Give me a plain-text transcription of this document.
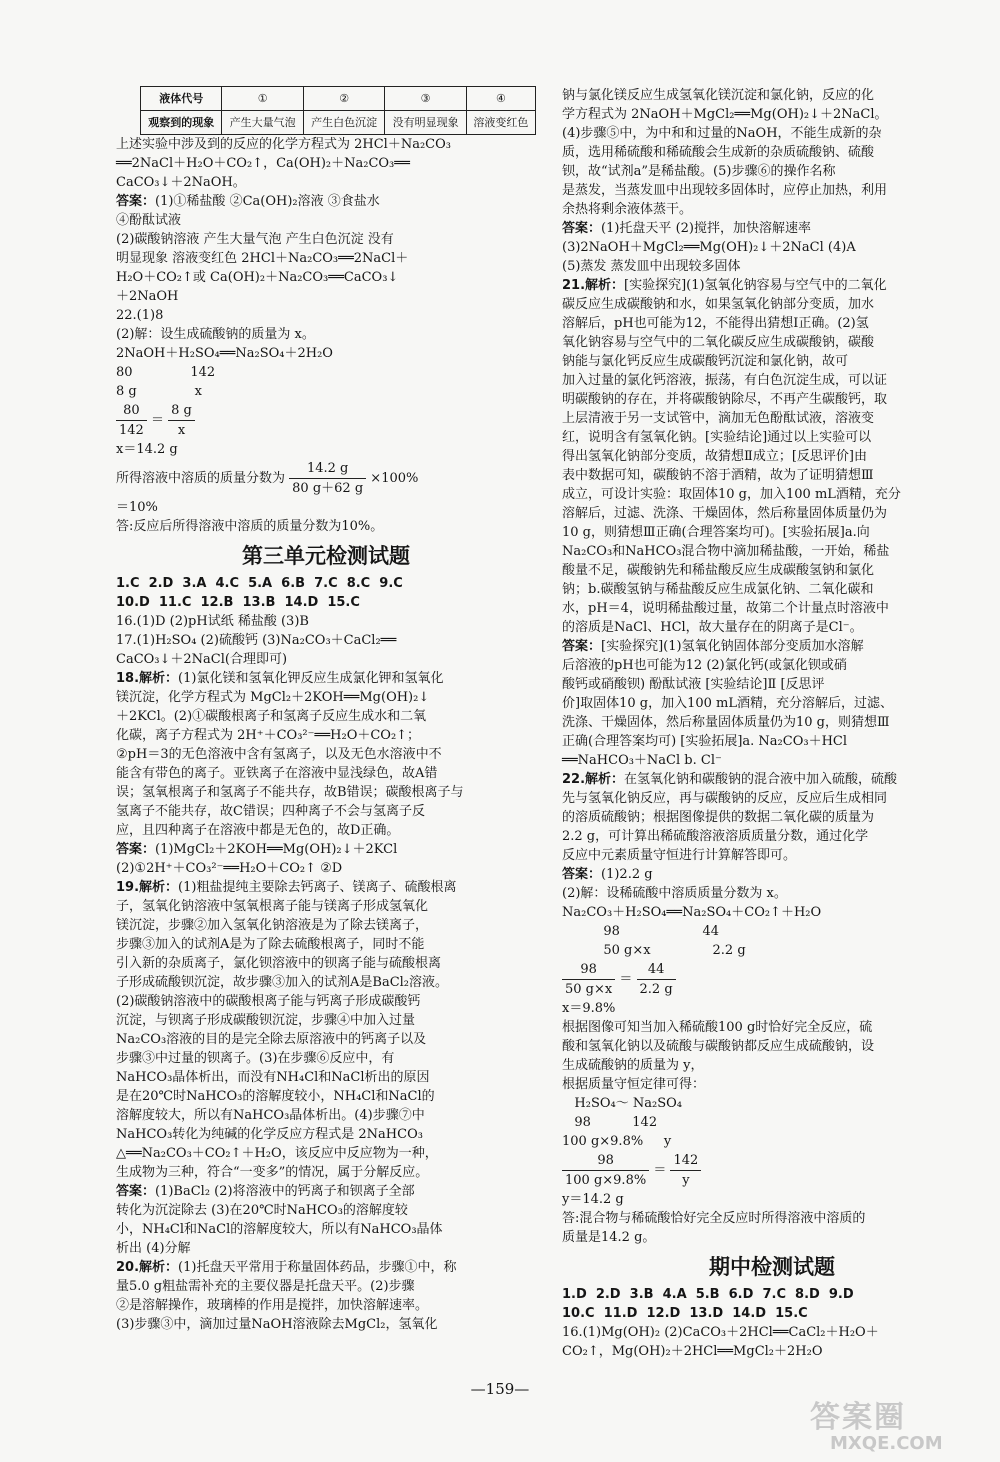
液体代号	①	②	③	④
观察到的现象	产生大量气泡	产生白色沉淀	没有明显现象	溶液变红色

上述实验中涉及到的反应的化学方程式为 2HCl＋Na₂CO₃
══2NaCl＋H₂O＋CO₂↑，Ca(OH)₂＋Na₂CO₃══
CaCO₃↓＋2NaOH。

答案：(1)①稀盐酸 ②Ca(OH)₂溶液 ③食盐水
④酚酞试液
(2)碳酸钠溶液 产生大量气泡 产生白色沉淀 没有
明显现象 溶液变红色 2HCl＋Na₂CO₃══2NaCl＋
H₂O＋CO₂↑或 Ca(OH)₂＋Na₂CO₃══CaCO₃↓
＋2NaOH

22.(1)8
(2)解：设生成硫酸钠的质量为 x。
2NaOH＋H₂SO₄══Na₂SO₄＋2H₂O
80              142
8 g              x

$\frac{80}{142} = \frac{8 g}{x}$

x＝14.2 g

所得溶液中溶质的质量分数为 $\frac{14.2 g}{80 g+62 g} \times 100\%$

＝10%

答:反应后所得溶液中溶质的质量分数为10%。

第三单元检测试题

1.C  2.D  3.A  4.C  5.A  6.B  7.C  8.C  9.C

10.D  11.C  12.B  13.B  14.D  15.C

16.(1)D (2)pH试纸 稀盐酸 (3)B

17.(1)H₂SO₄ (2)硫酸钙 (3)Na₂CO₃＋CaCl₂══
CaCO₃↓＋2NaCl(合理即可)

18.解析：(1)氯化镁和氢氧化钾反应生成氯化钾和氢氧化
镁沉淀，化学方程式为 MgCl₂＋2KOH══Mg(OH)₂↓
＋2KCl。(2)①碳酸根离子和氢离子反应生成水和二氧
化碳，离子方程式为 2H⁺＋CO₃²⁻══H₂O＋CO₂↑；
②pH＝3的无色溶液中含有氢离子，以及无色水溶液中不
能含有带色的离子。亚铁离子在溶液中显浅绿色，故A错
误；氢氧根离子和氢离子不能共存，故B错误；碳酸根离子与
氢离子不能共存，故C错误；四种离子不会与氢离子反
应，且四种离子在溶液中都是无色的，故D正确。

答案：(1)MgCl₂＋2KOH══Mg(OH)₂↓＋2KCl
(2)①2H⁺＋CO₃²⁻══H₂O＋CO₂↑ ②D

19.解析：(1)粗盐提纯主要除去钙离子、镁离子、硫酸根离
子，氢氧化钠溶液中氢氧根离子能与镁离子形成氢氧化
镁沉淀，步骤②加入氢氧化钠溶液是为了除去镁离子，
步骤③加入的试剂A是为了除去硫酸根离子，同时不能
引入新的杂质离子，氯化钡溶液中的钡离子能与硫酸根离
子形成硫酸钡沉淀，故步骤③加入的试剂A是BaCl₂溶液。
(2)碳酸钠溶液中的碳酸根离子能与钙离子形成碳酸钙
沉淀，与钡离子形成碳酸钡沉淀，步骤④中加入过量
Na₂CO₃溶液的目的是完全除去原溶液中的钙离子以及
步骤③中过量的钡离子。(3)在步骤⑥反应中，有
NaHCO₃晶体析出，而没有NH₄Cl和NaCl析出的原因
是在20℃时NaHCO₃的溶解度较小，NH₄Cl和NaCl的
溶解度较大，所以有NaHCO₃晶体析出。(4)步骤⑦中
NaHCO₃转化为纯碱的化学反应方程式是 2NaHCO₃
△══Na₂CO₃＋CO₂↑＋H₂O，该反应中反应物为一种，
生成物为三种，符合“一变多”的情况，属于分解反应。

答案：(1)BaCl₂ (2)将溶液中的钙离子和钡离子全部
转化为沉淀除去 (3)在20℃时NaHCO₃的溶解度较
小，NH₄Cl和NaCl的溶解度较大，所以有NaHCO₃晶体
析出 (4)分解

20.解析：(1)托盘天平常用于称量固体药品，步骤①中，称
量5.0 g粗盐需补充的主要仪器是托盘天平。(2)步骤
②是溶解操作，玻璃棒的作用是搅拌，加快溶解速率。
(3)步骤③中，滴加过量NaOH溶液除去MgCl₂，氢氧化

钠与氯化镁反应生成氢氧化镁沉淀和氯化钠，反应的化
学方程式为 2NaOH＋MgCl₂══Mg(OH)₂↓＋2NaCl。
(4)步骤⑤中，为中和和过量的NaOH，不能生成新的杂
质，选用稀硫酸和稀硫酸会生成新的杂质硫酸钠、硫酸
钡，故“试剂a”是稀盐酸。(5)步骤⑥的操作名称
是蒸发，当蒸发皿中出现较多固体时，应停止加热，利用
余热将剩余液体蒸干。

答案：(1)托盘天平 (2)搅拌，加快溶解速率
(3)2NaOH＋MgCl₂══Mg(OH)₂↓＋2NaCl (4)A
(5)蒸发 蒸发皿中出现较多固体

21.解析：[实验探究](1)氢氧化钠容易与空气中的二氧化
碳反应生成碳酸钠和水，如果氢氧化钠部分变质，加水
溶解后，pH也可能为12，不能得出猜想Ⅰ正确。(2)氢
氧化钠容易与空气中的二氧化碳反应生成碳酸钠，碳酸
钠能与氯化钙反应生成碳酸钙沉淀和氯化钠，故可
加入过量的氯化钙溶液，振荡，有白色沉淀生成，可以证
明碳酸钠的存在，并将碳酸钠除尽，不再产生碳酸钙，取
上层清液于另一支试管中，滴加无色酚酞试液，溶液变
红，说明含有氢氧化钠。[实验结论]通过以上实验可以
得出氢氧化钠部分变质，故猜想Ⅱ成立；[反思评价]由
表中数据可知，碳酸钠不溶于酒精，故为了证明猜想Ⅲ
成立，可设计实验：取固体10 g，加入100 mL酒精，充分
溶解后，过滤、洗涤、干燥固体，然后称量固体质量仍为
10 g，则猜想Ⅲ正确(合理答案均可)。[实验拓展]a.向
Na₂CO₃和NaHCO₃混合物中滴加稀盐酸，一开始，稀盐
酸量不足，碳酸钠先和稀盐酸反应生成碳酸氢钠和氯化
钠；b.碳酸氢钠与稀盐酸反应生成氯化钠、二氧化碳和
水，pH＝4，说明稀盐酸过量，故第二个计量点时溶液中
的溶质是NaCl、HCl，故大量存在的阴离子是Cl⁻。

答案：[实验探究](1)氢氧化钠固体部分变质加水溶解
后溶液的pH也可能为12 (2)氯化钙(或氯化钡或硝
酸钙或硝酸钡) 酚酞试液 [实验结论]Ⅱ [反思评
价]取固体10 g，加入100 mL酒精，充分溶解后，过滤、
洗涤、干燥固体，然后称量固体质量仍为10 g，则猜想Ⅲ
正确(合理答案均可) [实验拓展]a. Na₂CO₃＋HCl
══NaHCO₃＋NaCl b. Cl⁻

22.解析：在氢氧化钠和碳酸钠的混合液中加入硫酸，硫酸
先与氢氧化钠反应，再与碳酸钠的反应，反应后生成相同
的溶质硫酸钠；根据图像提供的数据二氧化碳的质量为
2.2 g，可计算出稀硫酸溶液溶质质量分数，通过化学
反应中元素质量守恒进行计算解答即可。

答案：(1)2.2 g
(2)解：设稀硫酸中溶质质量分数为 x。
Na₂CO₃＋H₂SO₄══Na₂SO₄＋CO₂↑＋H₂O
98                    44
50 g×x               2.2 g

$\frac{98}{50 g\times x} = \frac{44}{2.2 g}$

x＝9.8%

根据图像可知当加入稀硫酸100 g时恰好完全反应，硫
酸和氢氧化钠以及硫酸与碳酸钠都反应生成硫酸钠，设
生成硫酸钠的质量为 y，
根据质量守恒定律可得：
H₂SO₄～ Na₂SO₄
98          142
100 g×9.8%     y

$\frac{98}{100 g\times 9.8\%} = \frac{142}{y}$

y＝14.2 g

答:混合物与稀硫酸恰好完全反应时所得溶液中溶质的
质量是14.2 g。

期中检测试题

1.D  2.D  3.B  4.A  5.B  6.D  7.C  8.D  9.D

10.C  11.D  12.D  13.D  14.D  15.C

16.(1)Mg(OH)₂ (2)CaCO₃＋2HCl══CaCl₂＋H₂O＋
CO₂↑，Mg(OH)₂＋2HCl══MgCl₂＋2H₂O

—159—
答案圈
MXQE.COM
